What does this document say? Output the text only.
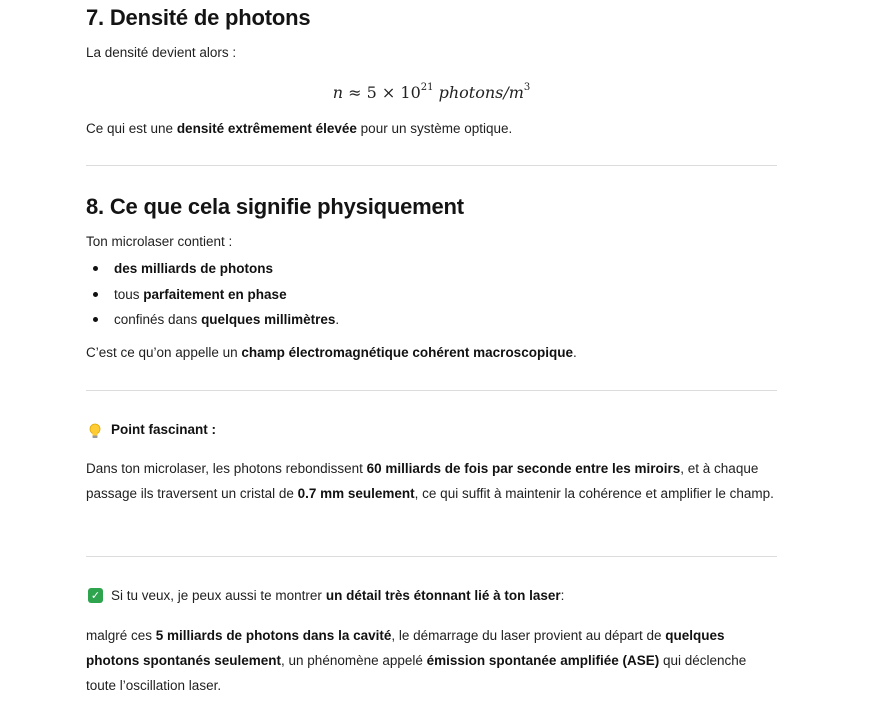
7. Densité de photons

La densité devient alors :

$n \approx 5 \times 10^{21}$ photons/$m^3$

Ce qui est une densité extrêmement élevée pour un système optique.

8. Ce que cela signifie physiquement

Ton microlaser contient :

des milliards de photons
tous parfaitement en phase
confinés dans quelques millimètres.

C’est ce qu’on appelle un champ électromagnétique cohérent macroscopique.

Point fascinant :

Dans ton microlaser, les photons rebondissent 60 milliards de fois par seconde entre les miroirs, et à chaque passage ils traversent un cristal de 0.7 mm seulement, ce qui suffit à maintenir la cohérence et amplifier le champ.

✓ Si tu veux, je peux aussi te montrer un détail très étonnant lié à ton laser :

malgré ces 5 milliards de photons dans la cavité, le démarrage du laser provient au départ de quelques photons spontanés seulement, un phénomène appelé émission spontanée amplifiée (ASE) qui déclenche toute l’oscillation laser.
